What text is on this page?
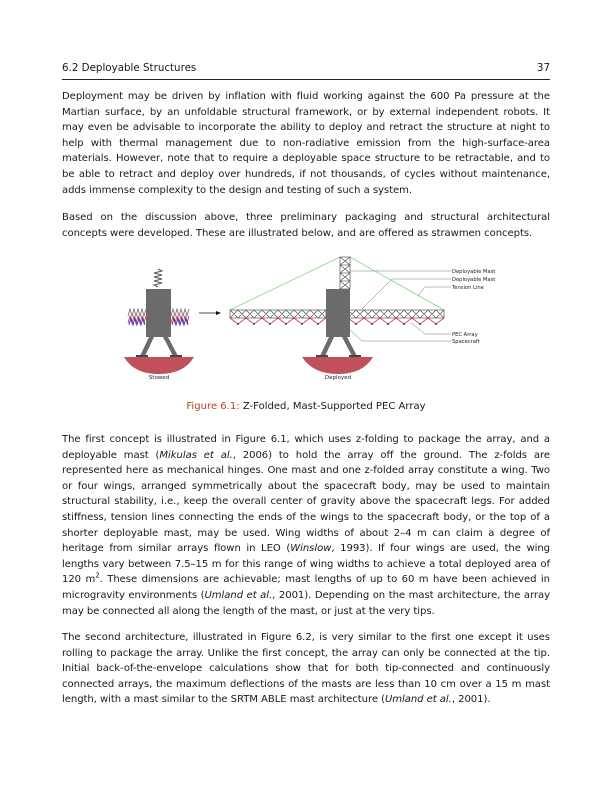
6.2 Deployable Structures	37

Deployment may be driven by inflation with fluid working against the 600 Pa pressure at the Martian surface, by an unfoldable structural framework, or by external independent robots. It may even be advisable to incorporate the ability to deploy and retract the structure at night to help with thermal management due to non-radiative emission from the high-surface-area materials. However, note that to require a deployable space structure to be retractable, and to be able to retract and deploy over hundreds, if not thousands, of cycles without maintenance, adds immense complexity to the design and testing of such a system.

Based on the discussion above, three preliminary packaging and structural architectural concepts were developed. These are illustrated below, and are offered as strawmen concepts.

Stowed	Deployed
Deployable Mast
Deployable Mast
Tension Line
PEC Array
Spacecraft
Figure 6.1: Z-Folded, Mast-Supported PEC Array

The first concept is illustrated in Figure 6.1, which uses z-folding to package the array, and a deployable mast (Mikulas et al., 2006) to hold the array off the ground. The z-folds are represented here as mechanical hinges. One mast and one z-folded array constitute a wing. Two or four wings, arranged symmetrically about the spacecraft body, may be used to maintain structural stability, i.e., keep the overall center of gravity above the spacecraft legs. For added stiffness, tension lines connecting the ends of the wings to the spacecraft body, or the top of a shorter deployable mast, may be used. Wing widths of about 2–4 m can claim a degree of heritage from similar arrays flown in LEO (Winslow, 1993). If four wings are used, the wing lengths vary between 7.5–15 m for this range of wing widths to achieve a total deployed area of 120 $m^2$. These dimensions are achievable; mast lengths of up to 60 m have been achieved in microgravity environments (Umland et al., 2001). Depending on the mast architecture, the array may be connected all along the length of the mast, or just at the very tips.

The second architecture, illustrated in Figure 6.2, is very similar to the first one except it uses rolling to package the array. Unlike the first concept, the array can only be connected at the tip. Initial back-of-the-envelope calculations show that for both tip-connected and continuously connected arrays, the maximum deflections of the masts are less than 10 cm over a 15 m mast length, with a mast similar to the SRTM ABLE mast architecture (Umland et al., 2001).
